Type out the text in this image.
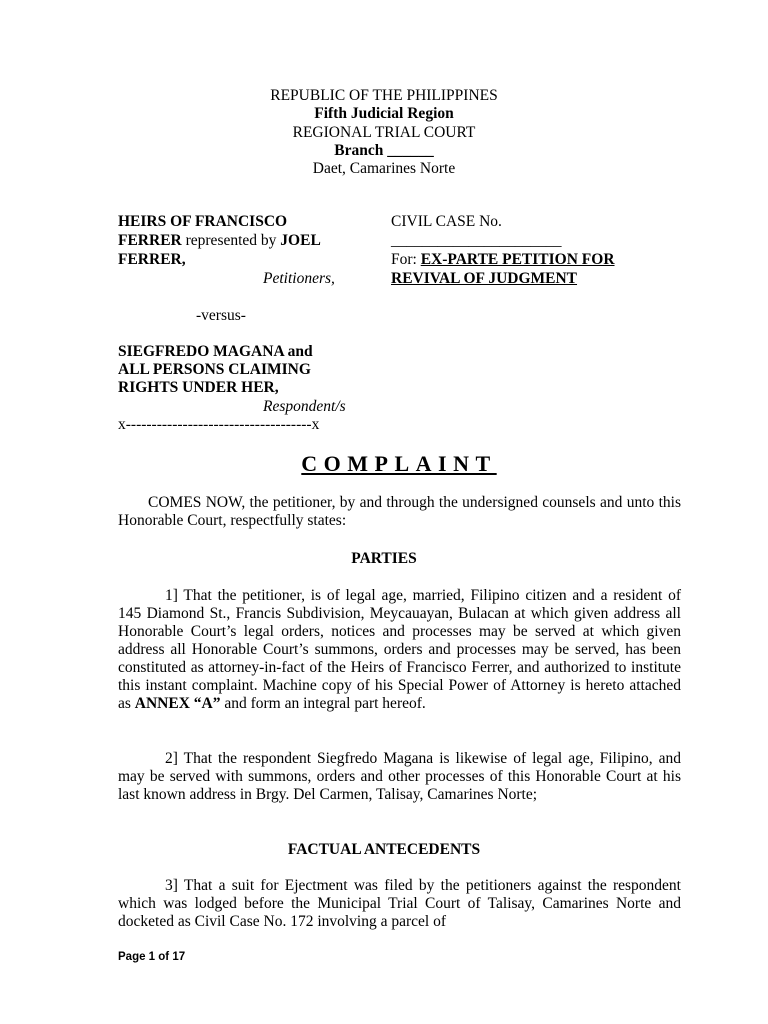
REPUBLIC OF THE PHILIPPINES
Fifth Judicial Region
REGIONAL TRIAL COURT
Branch ______
Daet, Camarines Norte
HEIRS OF FRANCISCO
FERRER represented by JOEL
FERRER,
Petitioners,
-versus-
SIEGFREDO MAGANA and
ALL PERSONS CLAIMING
RIGHTS UNDER HER,
Respondent/s
x------------------------------------x
CIVIL CASE No.
______________________
For: EX-PARTE PETITION FOR
REVIVAL OF JUDGMENT
COMPLAINT

COMES NOW, the petitioner, by and through the undersigned counsels and unto this Honorable Court, respectfully states:

PARTIES

1] That the petitioner, is of legal age, married, Filipino citizen and a resident of 145 Diamond St., Francis Subdivision, Meycauayan, Bulacan at which given address all Honorable Court’s legal orders, notices and processes may be served at which given address all Honorable Court’s summons, orders and processes may be served, has been constituted as attorney-in-fact of the Heirs of Francisco Ferrer, and authorized to institute this instant complaint. Machine copy of his Special Power of Attorney is hereto attached as ANNEX “A” and form an integral part hereof.

2] That the respondent Siegfredo Magana is likewise of legal age, Filipino, and may be served with summons, orders and other processes of this Honorable Court at his last known address in Brgy. Del Carmen, Talisay, Camarines Norte;

FACTUAL ANTECEDENTS

3] That a suit for Ejectment was filed by the petitioners against the respondent which was lodged before the Municipal Trial Court of Talisay, Camarines Norte and docketed as Civil Case No. 172 involving a parcel of

Page 1 of 17
